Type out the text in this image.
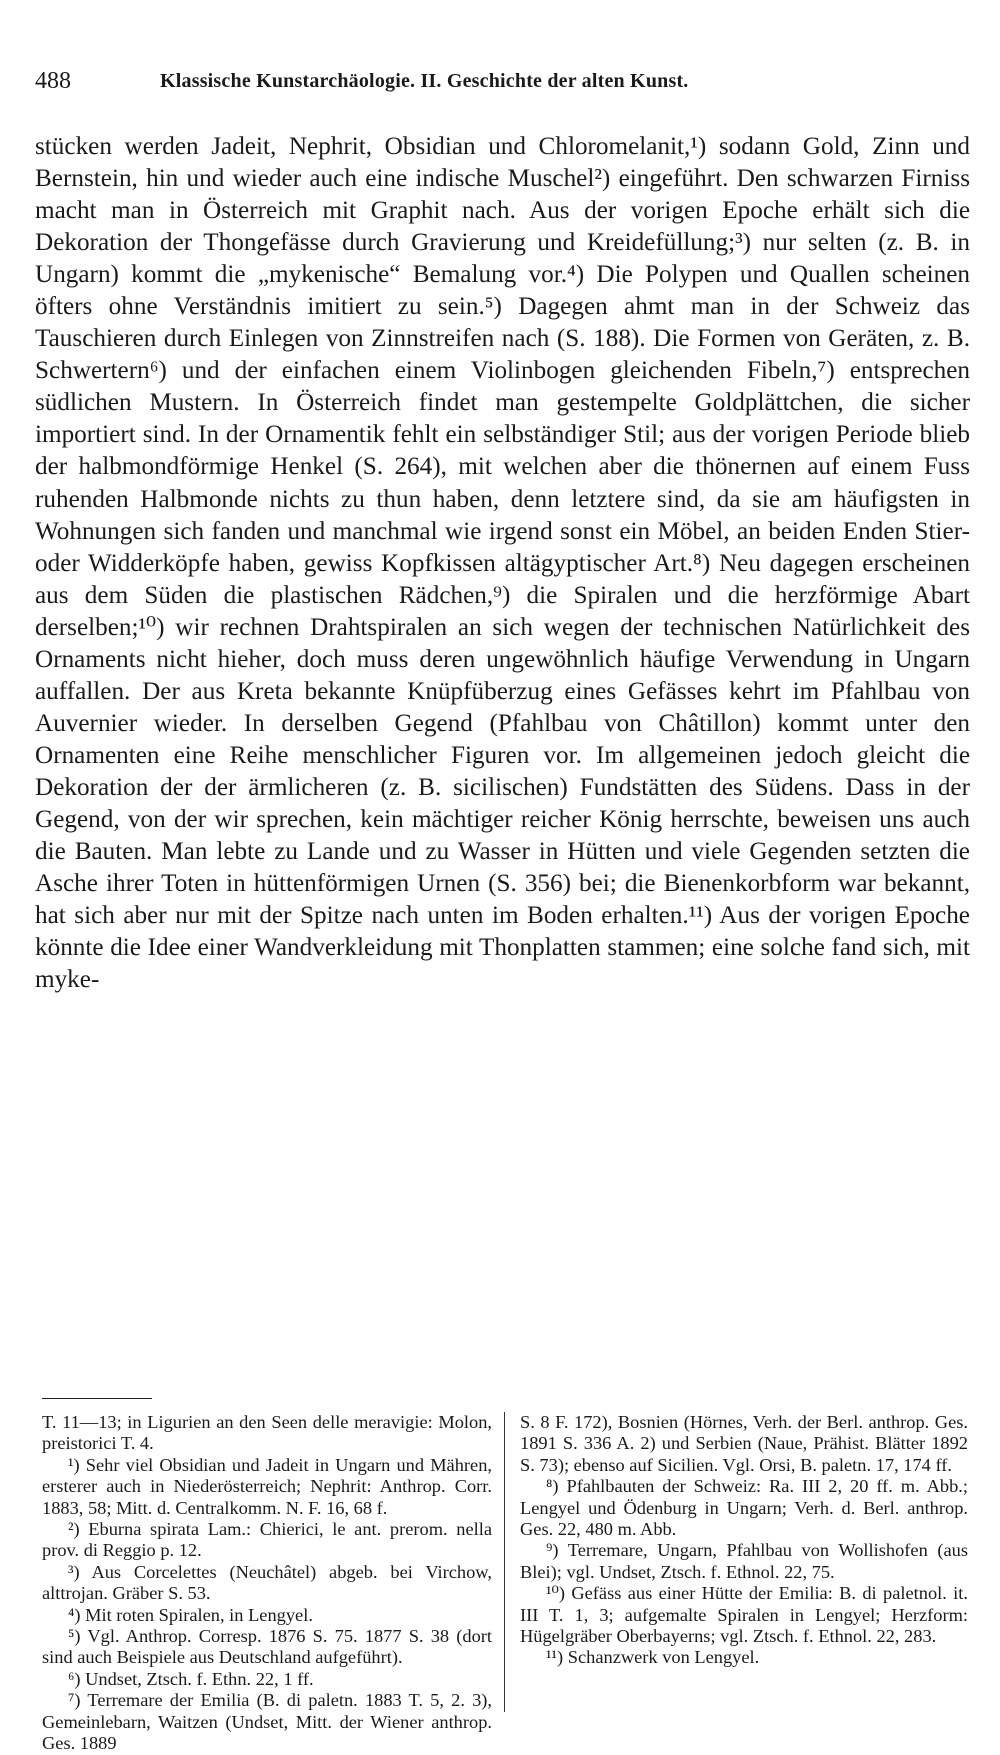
488	Klassische Kunstarchäologie. II. Geschichte der alten Kunst.

stücken werden Jadeit, Nephrit, Obsidian und Chloromelanit,¹) sodann Gold, Zinn und Bernstein, hin und wieder auch eine indische Muschel²) eingeführt. Den schwarzen Firniss macht man in Österreich mit Graphit nach. Aus der vorigen Epoche erhält sich die Dekoration der Thongefässe durch Gravierung und Kreidefüllung;³) nur selten (z. B. in Ungarn) kommt die „mykenische“ Bemalung vor.⁴) Die Polypen und Quallen scheinen öfters ohne Verständnis imitiert zu sein.⁵) Dagegen ahmt man in der Schweiz das Tauschieren durch Einlegen von Zinnstreifen nach (S. 188). Die Formen von Geräten, z. B. Schwertern⁶) und der einfachen einem Violinbogen gleichenden Fibeln,⁷) entsprechen südlichen Mustern. In Österreich findet man gestempelte Goldplättchen, die sicher importiert sind. In der Ornamentik fehlt ein selbständiger Stil; aus der vorigen Periode blieb der halbmondförmige Henkel (S. 264), mit welchen aber die thönernen auf einem Fuss ruhenden Halbmonde nichts zu thun haben, denn letztere sind, da sie am häufigsten in Wohnungen sich fanden und manchmal wie irgend sonst ein Möbel, an beiden Enden Stier- oder Widderköpfe haben, gewiss Kopfkissen altägyptischer Art.⁸) Neu dagegen erscheinen aus dem Süden die plastischen Rädchen,⁹) die Spiralen und die herzförmige Abart derselben;¹⁰) wir rechnen Drahtspiralen an sich wegen der technischen Natürlichkeit des Ornaments nicht hieher, doch muss deren ungewöhnlich häufige Verwendung in Ungarn auffallen. Der aus Kreta bekannte Knüpfüberzug eines Gefässes kehrt im Pfahlbau von Auvernier wieder. In derselben Gegend (Pfahlbau von Châtillon) kommt unter den Ornamenten eine Reihe menschlicher Figuren vor. Im allgemeinen jedoch gleicht die Dekoration der der ärmlicheren (z. B. sicilischen) Fundstätten des Südens. Dass in der Gegend, von der wir sprechen, kein mächtiger reicher König herrschte, beweisen uns auch die Bauten. Man lebte zu Lande und zu Wasser in Hütten und viele Gegenden setzten die Asche ihrer Toten in hüttenförmigen Urnen (S. 356) bei; die Bienenkorbform war bekannt, hat sich aber nur mit der Spitze nach unten im Boden erhalten.¹¹) Aus der vorigen Epoche könnte die Idee einer Wandverkleidung mit Thonplatten stammen; eine solche fand sich, mit myke-

T. 11—13; in Ligurien an den Seen delle meravigie: Molon, preistorici T. 4.

¹) Sehr viel Obsidian und Jadeit in Ungarn und Mähren, ersterer auch in Niederösterreich; Nephrit: Anthrop. Corr. 1883, 58; Mitt. d. Centralkomm. N. F. 16, 68 f.

²) Eburna spirata Lam.: Chierici, le ant. prerom. nella prov. di Reggio p. 12.

³) Aus Corcelettes (Neuchâtel) abgeb. bei Virchow, alttrojan. Gräber S. 53.

⁴) Mit roten Spiralen, in Lengyel.

⁵) Vgl. Anthrop. Corresp. 1876 S. 75. 1877 S. 38 (dort sind auch Beispiele aus Deutschland aufgeführt).

⁶) Undset, Ztsch. f. Ethn. 22, 1 ff.

⁷) Terremare der Emilia (B. di paletn. 1883 T. 5, 2. 3), Gemeinlebarn, Waitzen (Undset, Mitt. der Wiener anthrop. Ges. 1889

S. 8 F. 172), Bosnien (Hörnes, Verh. der Berl. anthrop. Ges. 1891 S. 336 A. 2) und Serbien (Naue, Prähist. Blätter 1892 S. 73); ebenso auf Sicilien. Vgl. Orsi, B. paletn. 17, 174 ff.

⁸) Pfahlbauten der Schweiz: Ra. III 2, 20 ff. m. Abb.; Lengyel und Ödenburg in Ungarn; Verh. d. Berl. anthrop. Ges. 22, 480 m. Abb.

⁹) Terremare, Ungarn, Pfahlbau von Wollishofen (aus Blei); vgl. Undset, Ztsch. f. Ethnol. 22, 75.

¹⁰) Gefäss aus einer Hütte der Emilia: B. di paletnol. it. III T. 1, 3; aufgemalte Spiralen in Lengyel; Herzform: Hügelgräber Oberbayerns; vgl. Ztsch. f. Ethnol. 22, 283.

¹¹) Schanzwerk von Lengyel.
